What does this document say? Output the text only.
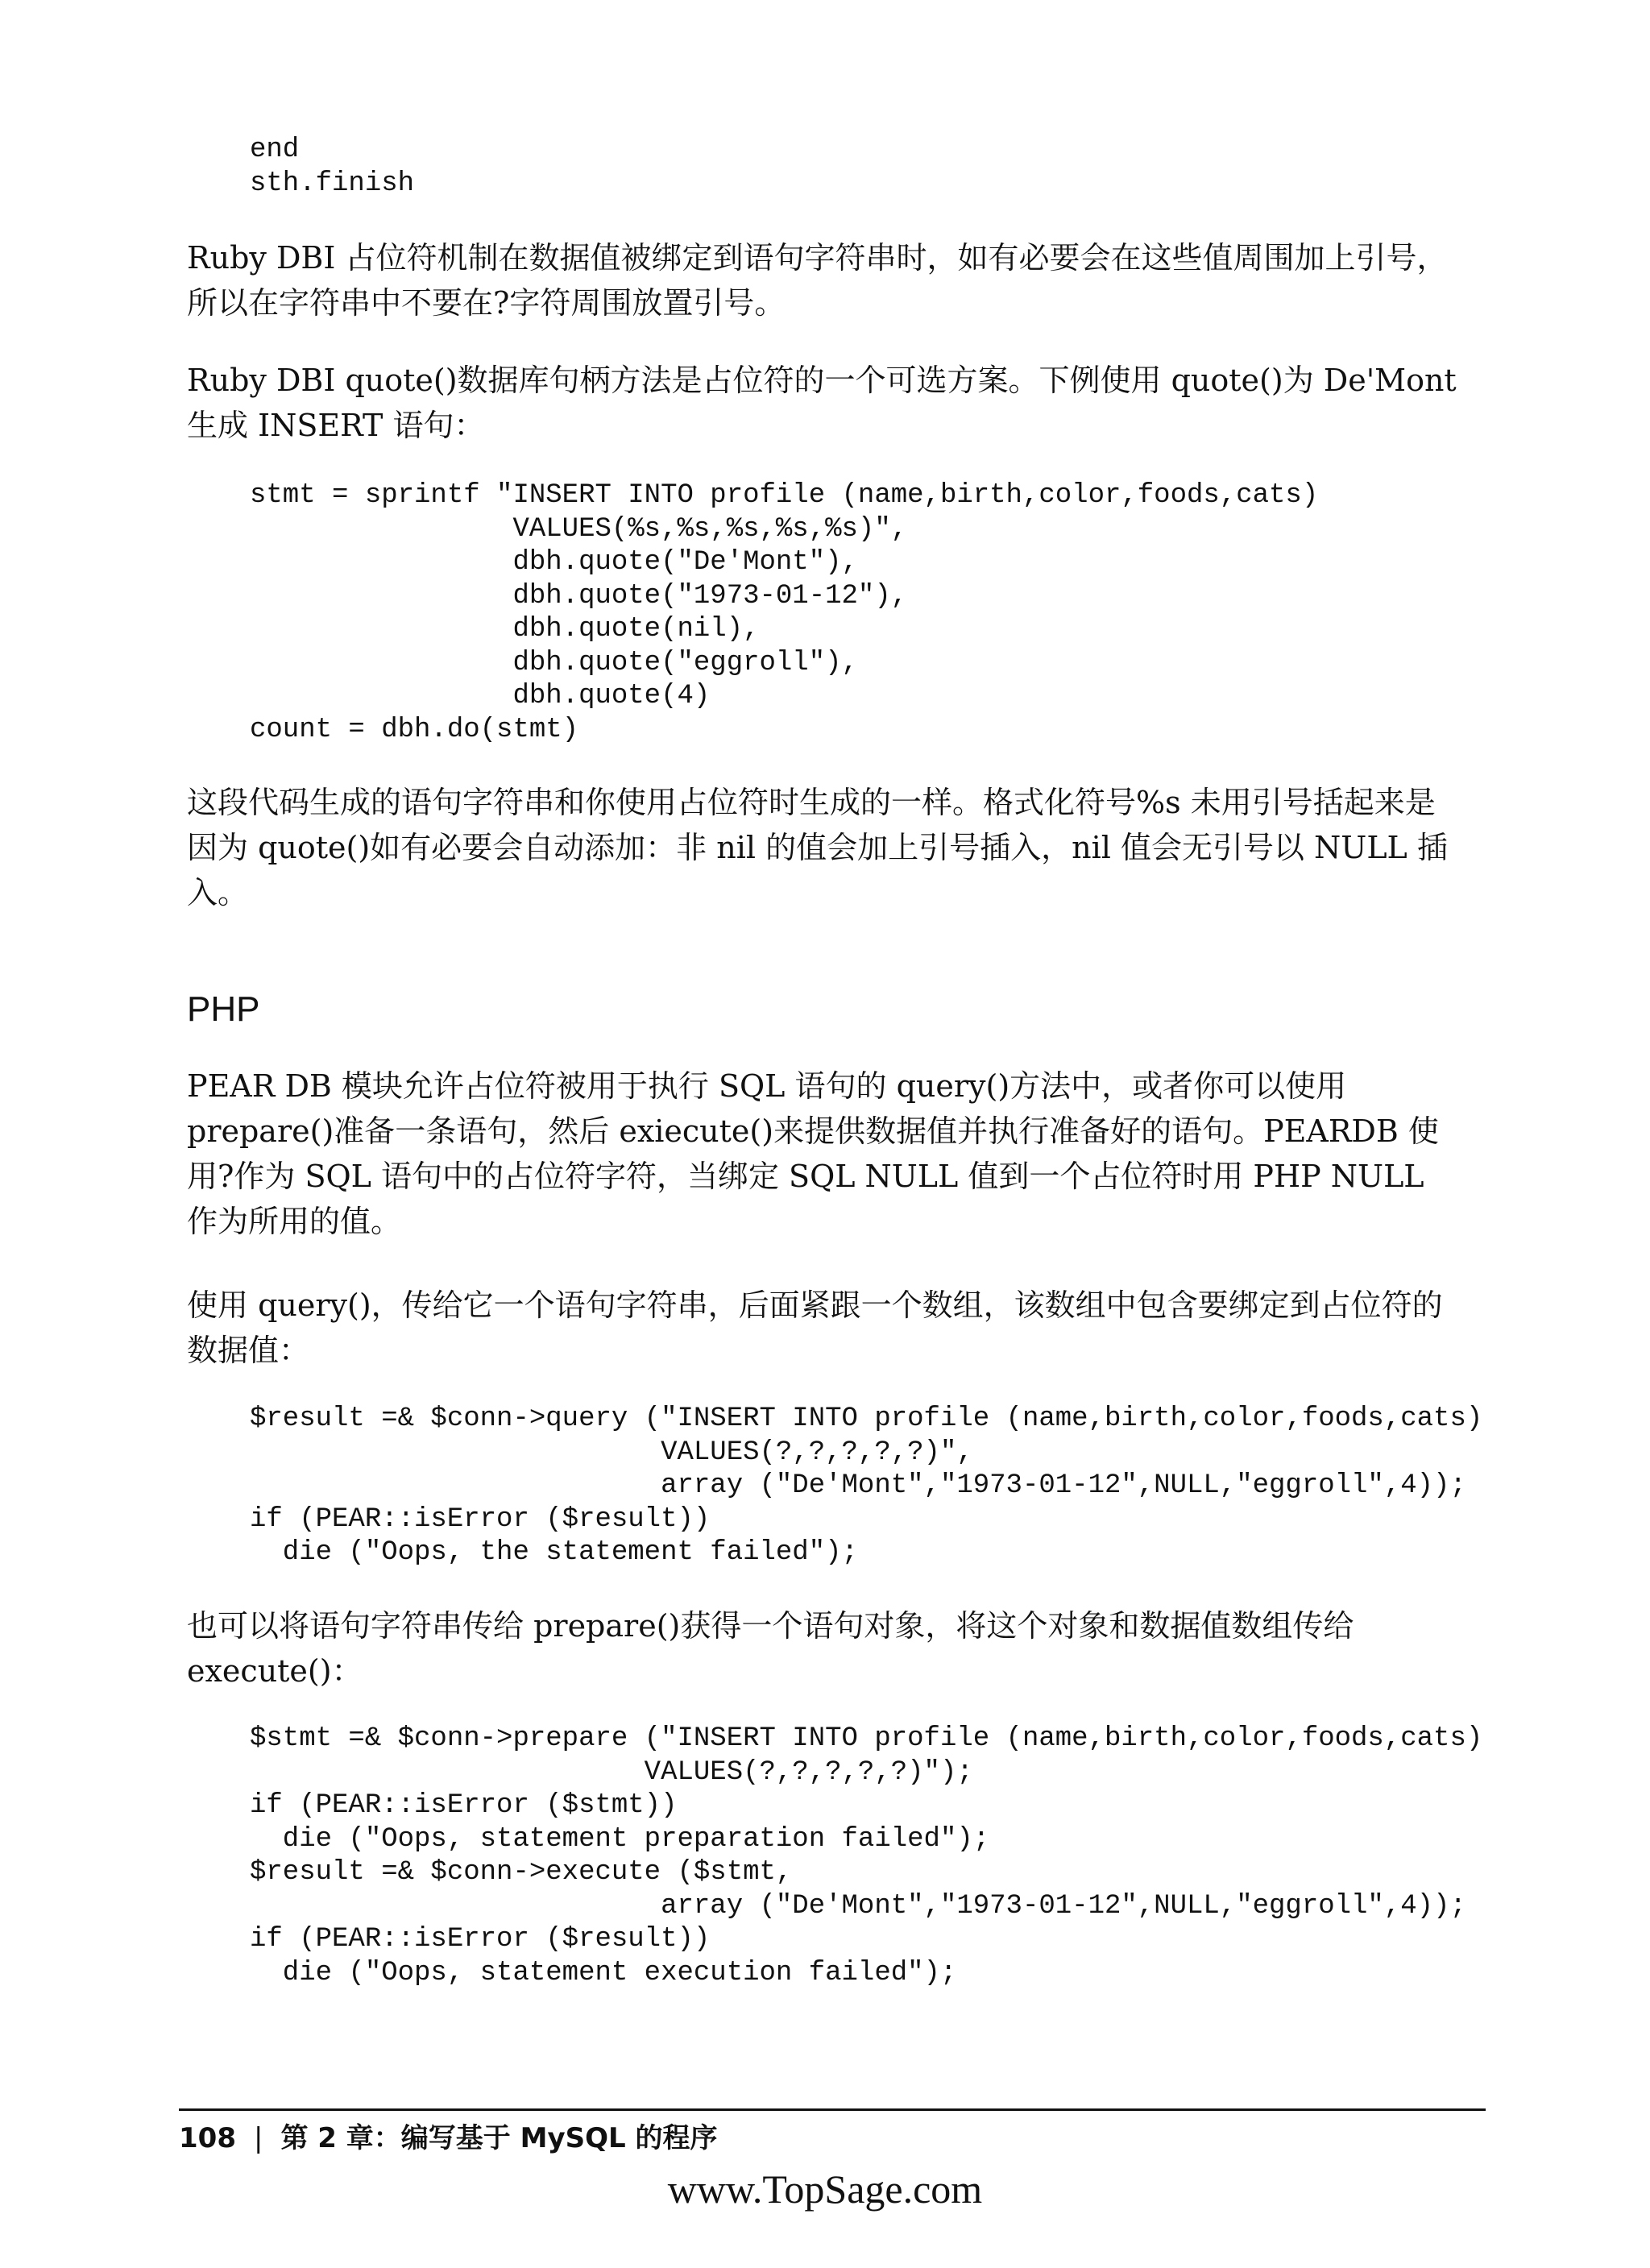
end
sth.finish

Ruby DBI 占位符机制在数据值被绑定到语句字符串时，如有必要会在这些值周围加上引号，所以在字符串中不要在?字符周围放置引号。

Ruby DBI quote()数据库句柄方法是占位符的一个可选方案。下例使用 quote()为 De'Mont 生成 INSERT 语句：

stmt = sprintf "INSERT INTO profile (name,birth,color,foods,cats)
VALUES(%s,%s,%s,%s,%s)",
dbh.quote("De'Mont"),
dbh.quote("1973-01-12"),
dbh.quote(nil),
dbh.quote("eggroll"),
dbh.quote(4)
count = dbh.do(stmt)

这段代码生成的语句字符串和你使用占位符时生成的一样。格式化符号%s 未用引号括起来是因为 quote()如有必要会自动添加：非 nil 的值会加上引号插入，nil 值会无引号以 NULL 插入。

PHP

PEAR DB 模块允许占位符被用于执行 SQL 语句的 query()方法中，或者你可以使用 prepare()准备一条语句，然后 exiecute()来提供数据值并执行准备好的语句。PEARDB 使用?作为 SQL 语句中的占位符字符，当绑定 SQL NULL 值到一个占位符时用 PHP NULL 作为所用的值。

使用 query()，传给它一个语句字符串，后面紧跟一个数组，该数组中包含要绑定到占位符的数据值：

$result =& $conn->query ("INSERT INTO profile (name,birth,color,foods,cats)
VALUES(?,?,?,?,?)",
array ("De'Mont","1973-01-12",NULL,"eggroll",4));
if (PEAR::isError ($result))
die ("Oops, the statement failed");

也可以将语句字符串传给 prepare()获得一个语句对象，将这个对象和数据值数组传给 execute()：

$stmt =& $conn->prepare ("INSERT INTO profile (name,birth,color,foods,cats)
VALUES(?,?,?,?,?)");
if (PEAR::isError ($stmt))
die ("Oops, statement preparation failed");
$result =& $conn->execute ($stmt,
array ("De'Mont","1973-01-12",NULL,"eggroll",4));
if (PEAR::isError ($result))
die ("Oops, statement execution failed");
108 | 第 2 章：编写基于 MySQL 的程序
www.TopSage.com
